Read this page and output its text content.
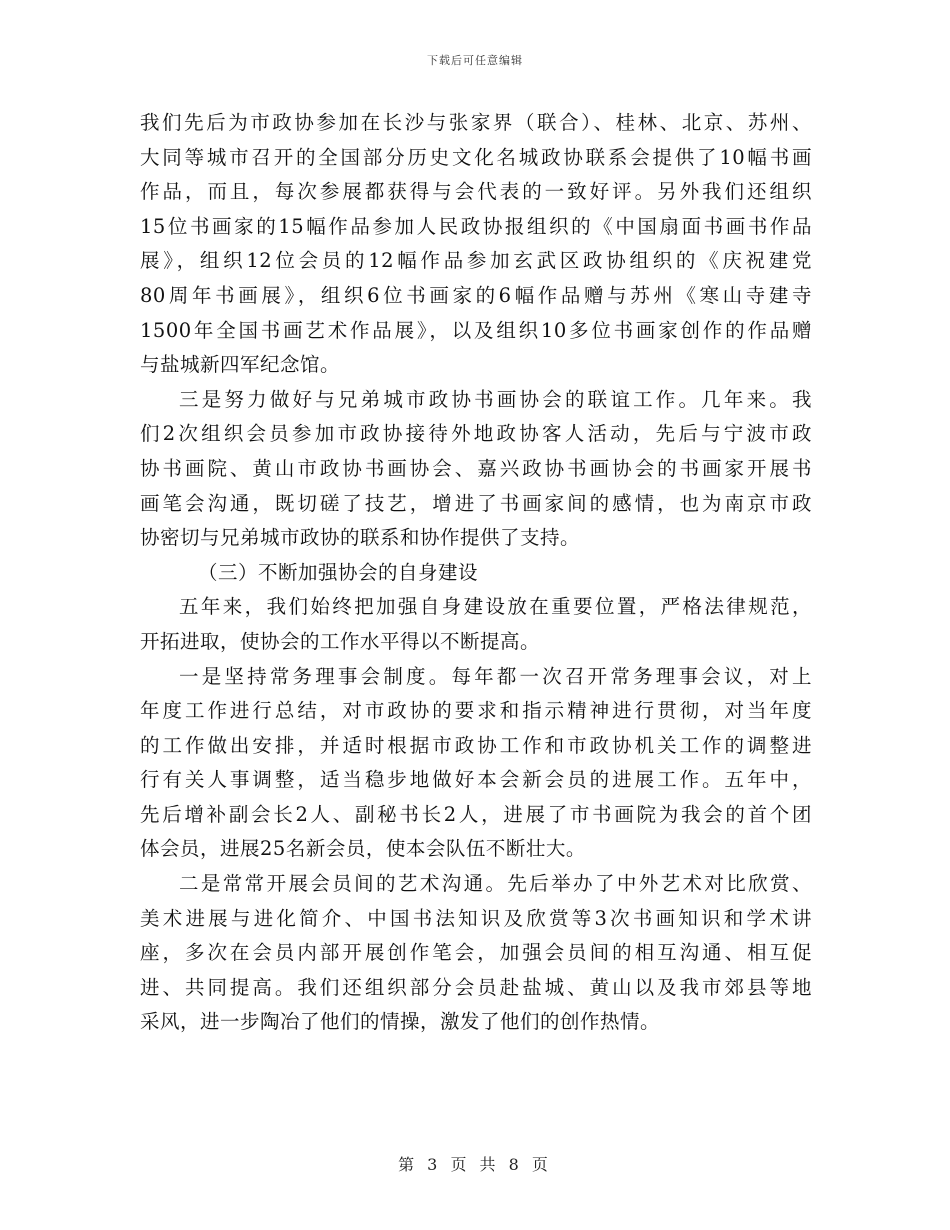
下载后可任意编辑
我们先后为市政协参加在长沙与张家界（联合）、桂林、北京、苏州、
大同等城市召开的全国部分历史文化名城政协联系会提供了10幅书画
作品，而且，每次参展都获得与会代表的一致好评。另外我们还组织
15位书画家的15幅作品参加人民政协报组织的《中国扇面书画书作品
展》，组织12位会员的12幅作品参加玄武区政协组织的《庆祝建党
80周年书画展》，组织6位书画家的6幅作品赠与苏州《寒山寺建寺
1500年全国书画艺术作品展》，以及组织10多位书画家创作的作品赠
与盐城新四军纪念馆。
三是努力做好与兄弟城市政协书画协会的联谊工作。几年来。我
们2次组织会员参加市政协接待外地政协客人活动，先后与宁波市政
协书画院、黄山市政协书画协会、嘉兴政协书画协会的书画家开展书
画笔会沟通，既切磋了技艺，增进了书画家间的感情，也为南京市政
协密切与兄弟城市政协的联系和协作提供了支持。
（三）不断加强协会的自身建设
五年来，我们始终把加强自身建设放在重要位置，严格法律规范，
开拓进取，使协会的工作水平得以不断提高。
一是坚持常务理事会制度。每年都一次召开常务理事会议，对上
年度工作进行总结，对市政协的要求和指示精神进行贯彻，对当年度
的工作做出安排，并适时根据市政协工作和市政协机关工作的调整进
行有关人事调整，适当稳步地做好本会新会员的进展工作。五年中，
先后增补副会长2人、副秘书长2人，进展了市书画院为我会的首个团
体会员，进展25名新会员，使本会队伍不断壮大。
二是常常开展会员间的艺术沟通。先后举办了中外艺术对比欣赏、
美术进展与进化简介、中国书法知识及欣赏等3次书画知识和学术讲
座，多次在会员内部开展创作笔会，加强会员间的相互沟通、相互促
进、共同提高。我们还组织部分会员赴盐城、黄山以及我市郊县等地
采风，进一步陶冶了他们的情操，激发了他们的创作热情。
第 3 页 共 8 页
